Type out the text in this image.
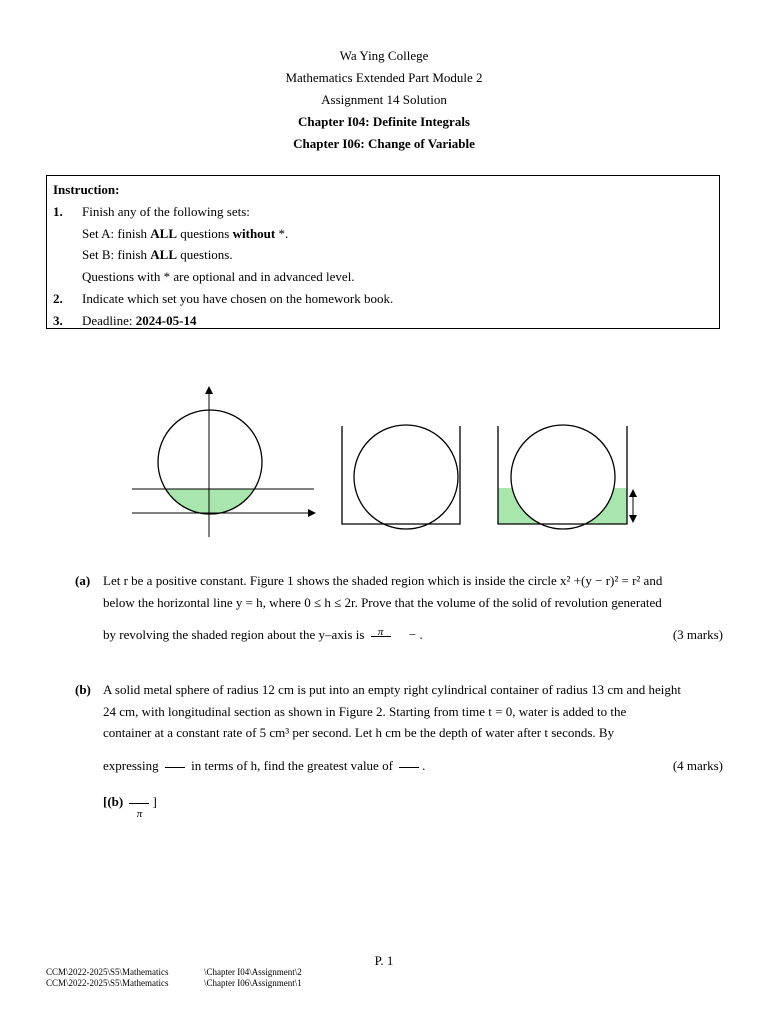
Wa Ying College
Mathematics Extended Part Module 2
Assignment 14 Solution
Chapter I04: Definite Integrals
Chapter I06: Change of Variable
Instruction:
1. Finish any of the following sets:
Set A: finish ALL questions without *.
Set B: finish ALL questions.
Questions with * are optional and in advanced level.
2. Indicate which set you have chosen on the homework book.
3. Deadline: 2024-05-14
(a) Let r be a positive constant. Figure 1 shows the shaded region which is inside the circle x² +(y − r)² = r² and
below the horizontal line y = h, where 0 ≤ h ≤ 2r. Prove that the volume of the solid of revolution generated
by revolving the shaded region about the y–axis is	π	− .	(3 marks)
(b) A solid metal sphere of radius 12 cm is put into an empty right cylindrical container of radius 13 cm and height
24 cm, with longitudinal section as shown in Figure 2. Starting from time t = 0, water is added to the
container at a constant rate of 5 cm³ per second. Let h cm be the depth of water after t seconds. By
expressing	in terms of h, find the greatest value of .	(4 marks)
[(b)
π
]
P. 1
CCM\2022-2025\S5\Mathematics	\Chapter I04\Assignment\2
CCM\2022-2025\S5\Mathematics	\Chapter I06\Assignment\1
